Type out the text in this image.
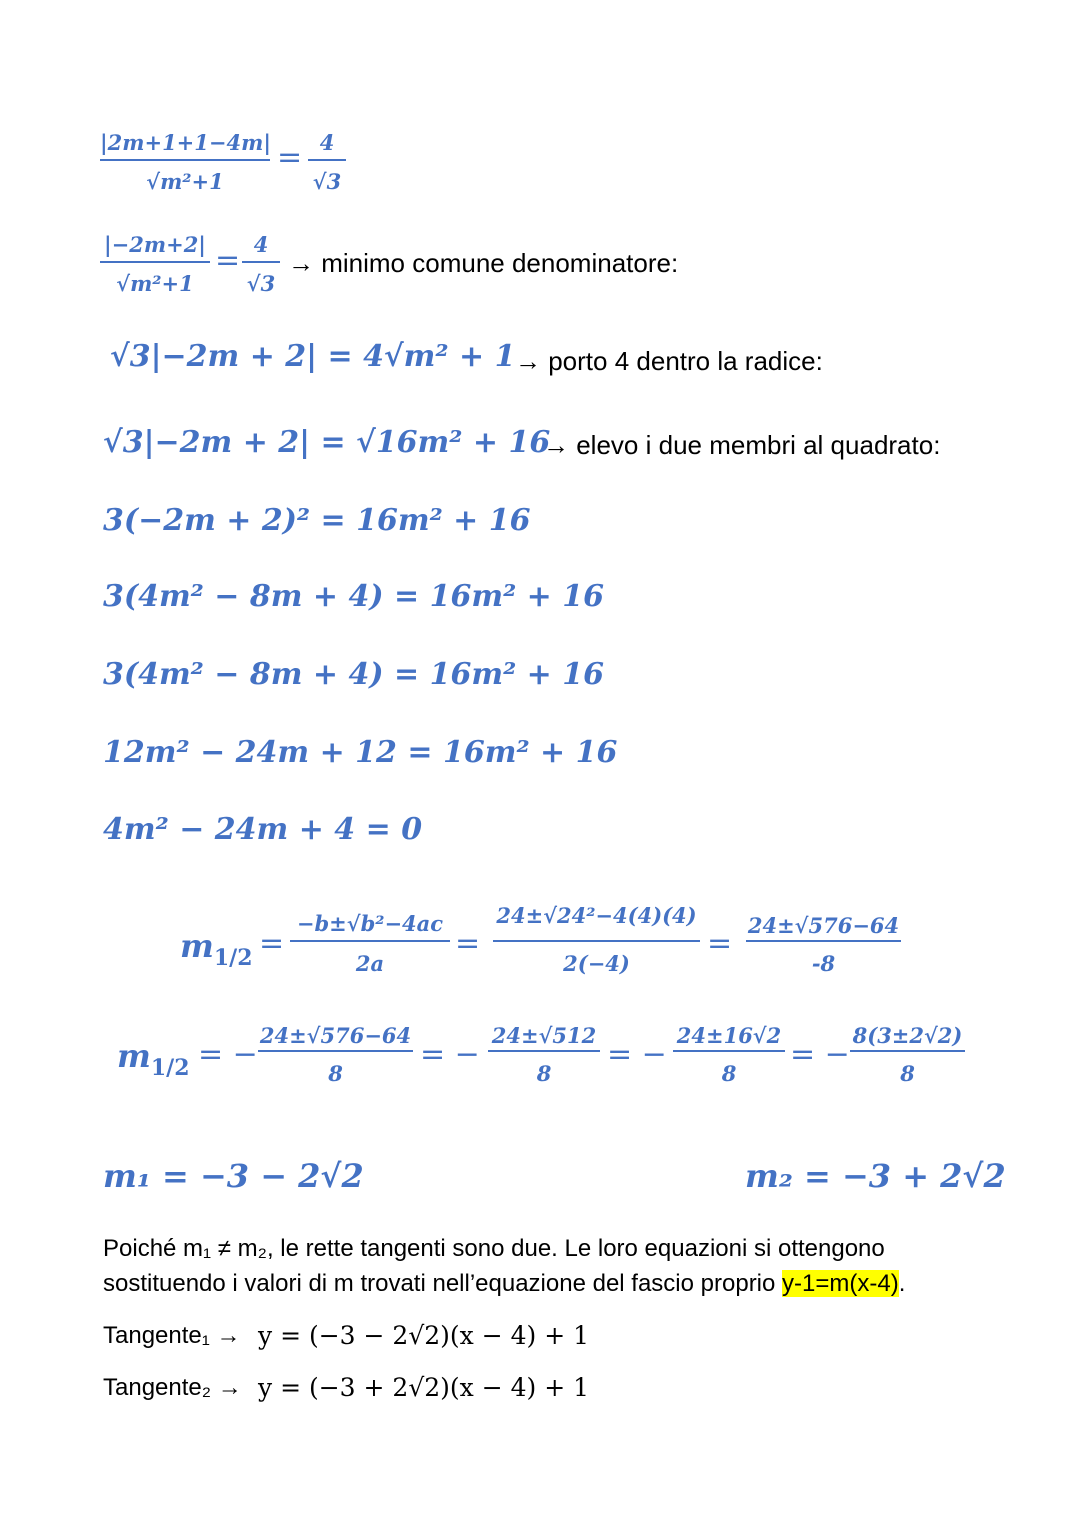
|2m+1+1−4m|
√m²+1
= 4
√3
|−2m+2|
√m²+1
= 4
√3
→ minimo comune denominatore:
√3|−2m + 2| = 4√m² + 1 → porto 4 dentro la radice:
√3|−2m + 2| = √16m² + 16
→ elevo i due membri al quadrato:
3(−2m + 2)² = 16m² + 16
3(4m² − 8m + 4) = 16m² + 16
3(4m² − 8m + 4) = 16m² + 16
12m² − 24m + 12 = 16m² + 16
4m² − 24m + 4 = 0
$m_{1/2}$ =
−b±√b²−4ac
2a
=
24±√24²−4(4)(4)
2(−4)
=
24±√576−64
-8
$m_{1/2}$ = −
24±√576−64
8
= −
24±√512
8
= −
24±16√2
8
= −
8(3±2√2)
8
m₁ = −3 − 2√2	m₂ = −3 + 2√2
Poiché m₁ ≠ m₂, le rette tangenti sono due. Le loro equazioni si ottengono
sostituendo i valori di m trovati nell’equazione del fascio proprio y-1=m(x-4).
Tangente₁ → y = (−3 − 2√2)(x − 4) + 1
Tangente₂ → y = (−3 + 2√2)(x − 4) + 1
